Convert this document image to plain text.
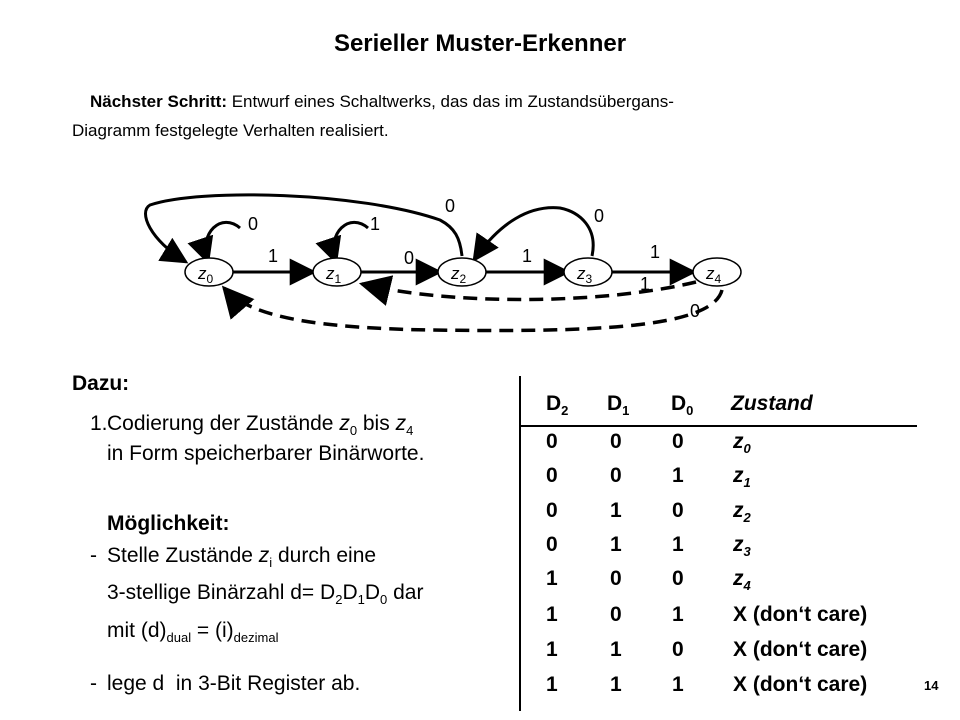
Serieller Muster-Erkenner
Nächster Schritt: Entwurf eines Schaltwerks, das das im Zustandsübergans-
Diagramm festgelegte Verhalten realisiert.
$z_0$	$z_1$	$z_2$	$z_3$	$z_4$
0
1
1
0
0
1
0
1
1
0
Dazu:
1. Codierung der Zustände $z_0$ bis $z_4$
in Form speicherbarer Binärworte.
Möglichkeit:
- Stelle Zustände $z_i$ durch eine
3-stellige Binärzahl $d= D_2D_1D_0$ dar
mit $(d)_{dual} = (i)_{dezimal}$
- lege d  in 3-Bit Register ab.
$D_2$ $D_1$ $D_0$ Zustand
0 0 0 $z_0$
0 0 1 $z_1$
0 1 0 $z_2$
0 1 1 $z_3$
1 0 0 $z_4$
1 0 1 X (don‘t care)
1 1 0 X (don‘t care)
1 1 1 X (don‘t care)	14
